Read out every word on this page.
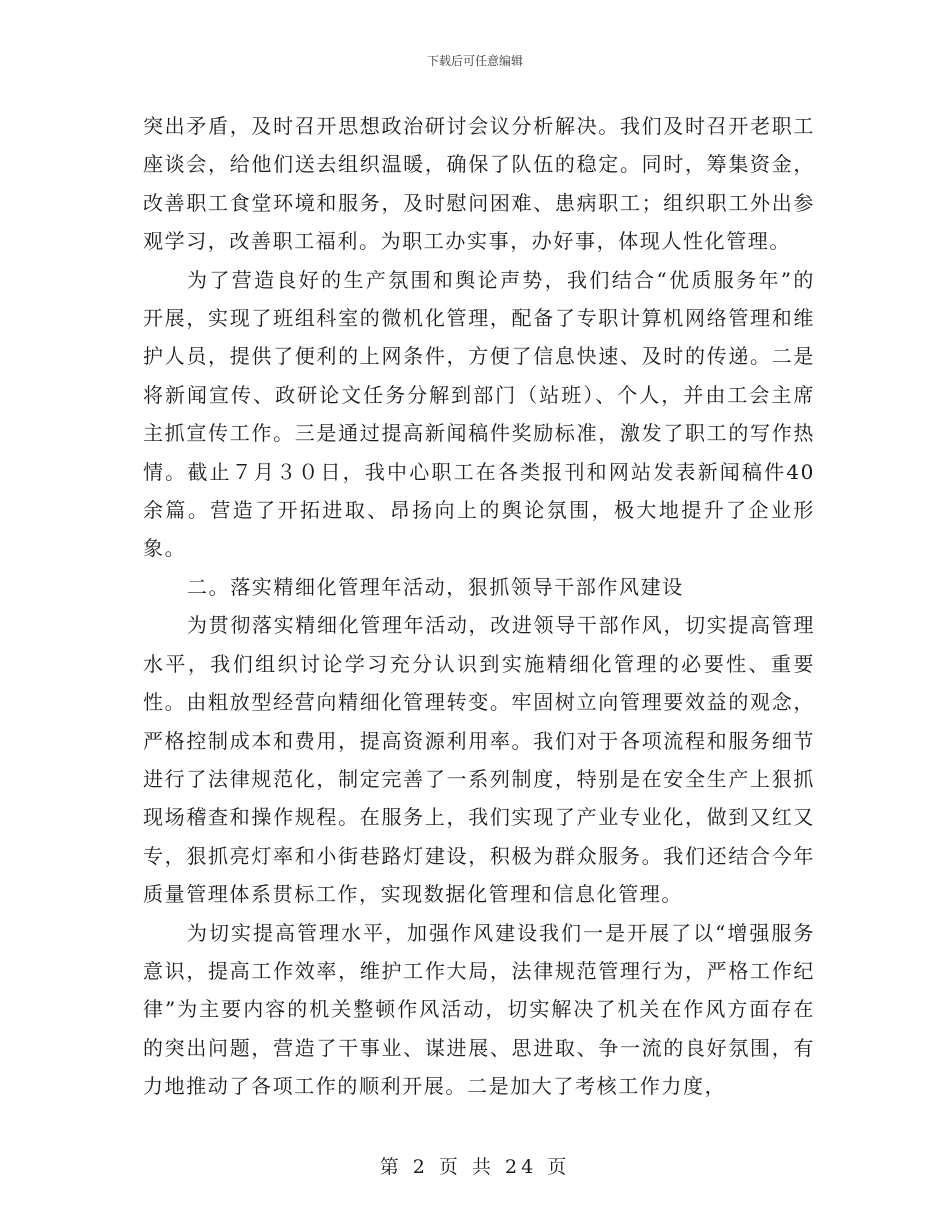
下载后可任意编辑

突出矛盾，及时召开思想政治研讨会议分析解决。我们及时召开老职工座谈会，给他们送去组织温暖，确保了队伍的稳定。同时，筹集资金，改善职工食堂环境和服务，及时慰问困难、患病职工；组织职工外出参观学习，改善职工福利。为职工办实事，办好事，体现人性化管理。

为了营造良好的生产氛围和舆论声势，我们结合“优质服务年”的开展，实现了班组科室的微机化管理，配备了专职计算机网络管理和维护人员，提供了便利的上网条件，方便了信息快速、及时的传递。二是将新闻宣传、政研论文任务分解到部门（站班）、个人，并由工会主席主抓宣传工作。三是通过提高新闻稿件奖励标准，激发了职工的写作热情。截止７月３０日，我中心职工在各类报刊和网站发表新闻稿件40余篇。营造了开拓进取、昂扬向上的舆论氛围，极大地提升了企业形象。

二。落实精细化管理年活动，狠抓领导干部作风建设

为贯彻落实精细化管理年活动，改进领导干部作风，切实提高管理水平，我们组织讨论学习充分认识到实施精细化管理的必要性、重要性。由粗放型经营向精细化管理转变。牢固树立向管理要效益的观念，严格控制成本和费用，提高资源利用率。我们对于各项流程和服务细节进行了法律规范化，制定完善了一系列制度，特别是在安全生产上狠抓现场稽查和操作规程。在服务上，我们实现了产业专业化，做到又红又专，狠抓亮灯率和小街巷路灯建设，积极为群众服务。我们还结合今年质量管理体系贯标工作，实现数据化管理和信息化管理。

为切实提高管理水平，加强作风建设我们一是开展了以“增强服务意识，提高工作效率，维护工作大局，法律规范管理行为，严格工作纪律”为主要内容的机关整顿作风活动，切实解决了机关在作风方面存在的突出问题，营造了干事业、谋进展、思进取、争一流的良好氛围，有力地推动了各项工作的顺利开展。二是加大了考核工作力度，

第 2 页 共 24 页
